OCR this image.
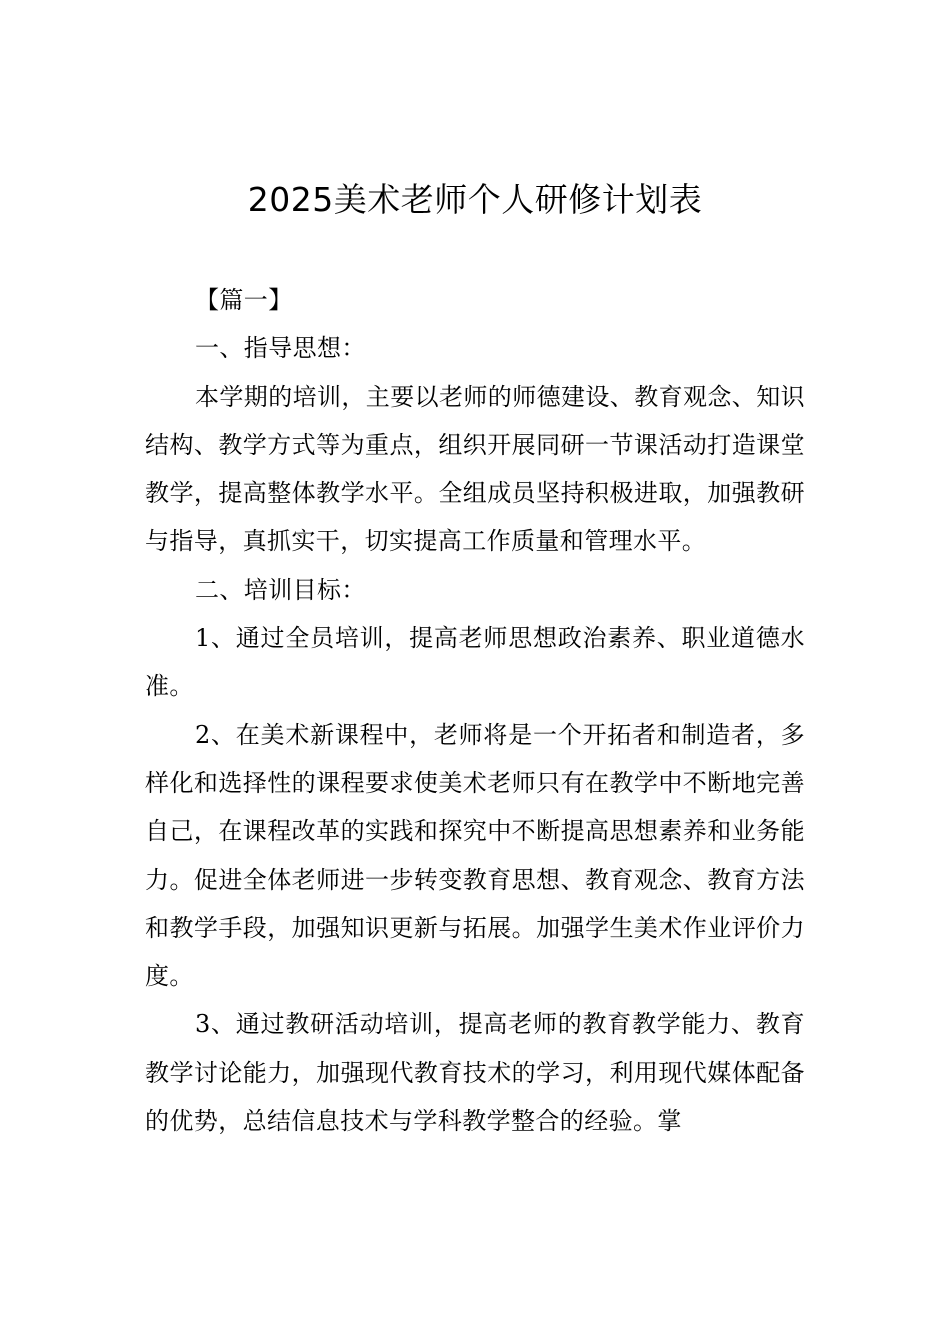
2025美术老师个人研修计划表

【篇一】

一、指导思想：

本学期的培训，主要以老师的师德建设、教育观念、知识结构、教学方式等为重点，组织开展同研一节课活动打造课堂教学，提高整体教学水平。全组成员坚持积极进取，加强教研与指导，真抓实干，切实提高工作质量和管理水平。

二、培训目标：

1、通过全员培训，提高老师思想政治素养、职业道德水准。

2、在美术新课程中，老师将是一个开拓者和制造者，多样化和选择性的课程要求使美术老师只有在教学中不断地完善自己，在课程改革的实践和探究中不断提高思想素养和业务能力。促进全体老师进一步转变教育思想、教育观念、教育方法和教学手段，加强知识更新与拓展。加强学生美术作业评价力度。

3、通过教研活动培训，提高老师的教育教学能力、教育教学讨论能力，加强现代教育技术的学习，利用现代媒体配备的优势，总结信息技术与学科教学整合的经验。掌
